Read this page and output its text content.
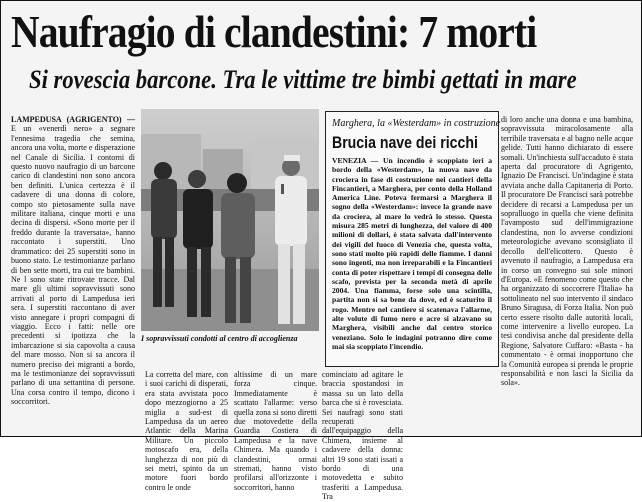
Naufragio di clandestini: 7 morti
Si rovescia barcone. Tra le vittime tre bimbi gettati in mare

LAMPEDUSA (AGRIGENTO) — E un «venerdì nero» a segnare l'ennesima tragedia che semina, ancora una volta, morte e disperazione nel Canale di Sicilia. I contorni di questo nuovo naufragio di un barcone carico di clandestini non sono ancora ben definiti. L'unica certezza è il cadavere di una donna di colore, compo sto pietosamente sulla nave militare italiana, cinque morti e una decina di dispersi. «Sono morte per il freddo durante la traversata», hanno raccontato i superstiti. Uno drammatico: dei 25 superstiti sono in buono stato. Le testimonianze parlano di ben sette morti, tra cui tre bambini. Ne l sono state ritrovate tracce. Dal mare gli ultimi sopravvissuti sono arrivati al porto di Lampedusa ieri sera. I superstiti raccontano di aver visto annegare i propri compagni di viaggio. Ecco i fatti: nelle ore precedenti si ipotizza che la imbarcazione si sia capovolta a causa del mare mosso. Non si sa ancora il numero preciso dei migranti a bordo, ma le testimonianze dei sopravvissuti parlano di una settantina di persone. Una corsa contro il tempo, dicono i soccorritori.

I sopravvissuti condotti al centro di accoglienza
Marghera, la «Westerdam» in costruzione
Brucia nave dei ricchi
VENEZIA — Un incendio è scoppiato ieri a bordo della «Westerdam», la nuova nave da crociera in fase di costruzione nei cantieri della Fincantieri, a Marghera, per conto della Holland America Line. Poteva fermarsi a Marghera il sogno della «Westerdam»: invece la grande nave da crociera, al mare lo vedrà lo stesso. Questa misura 285 metri di lunghezza, del valore di 400 milioni di dollari, è stata salvata dall'intervento dei vigili del fuoco di Venezia che, questa volta, sono stati molto più rapidi delle fiamme. I danni sono ingenti, ma non irreparabili e la Fincantieri conta di poter rispettare i tempi di consegna delle scafo, prevista per la seconda metà di aprile 2004. Una fiamma, forse solo una scintilla, partita non si sa bene da dove, ed è scaturito il rogo. Mentre nel cantiere si scatenava l'allarme, alte volute di fumo nero e acre si alzavano su Marghera, visibili anche dal centro storico veneziano. Solo le indagini potranno dire come mai sia scoppiato l'incendio.

La corretta del mare, con i suoi carichi di disperati, era stata avvistata poco dopo mezzogiorno a 25 miglia a sud-est di Lampedusa da un aereo Atlantic della Marina Militare. Un piccolo motoscafo era, della lunghezza di non più di sei metri, spinto da un motore fuori bordo contro le onde

altissime di un mare forza cinque. Immediatamente è scattato l'allarme: verso quella zona si sono diretti due motovedette della Guardia Costiera di Lampedusa e la nave Chimera. Ma quando i clandestini, ormai stremati, hanno visto profilarsi all'orizzonte i soccorritori, hanno

cominciato ad agitare le braccia spostandosi in massa su un lato della barca che si è rovesciata. Sei naufragi sono stati recuperati dall'equipaggio della Chimera, insieme al cadavere della donna: altri 19 sono stati issati a bordo di una motovedetta e subito trasferiti a Lampedusa. Tra

di loro anche una donna e una bambina, sopravvissuta miracolosamente alla terribile traversata e al bagno nelle acque gelide. Tutti hanno dichiarato di essere somali. Un'inchiesta sull'accaduto è stata aperta dal procuratore di Agrigento, Ignazio De Francisci. Un'indagine è stata avviata anche dalla Capitaneria di Porto. Il procuratore De Francisci sarà potrebbe decidere di recarsi a Lampedusa per un sopralluogo in quella che viene definita l'avamposto sud dell'immigrazione clandestina, non lo avverse condizioni meteorologiche avevano sconsigliato il decollo dell'elicottero. Questo è avvenuto il naufragio, a Lampedusa era in corso un convegno sui sole minori d'Europa. «E fenomeno come questo che ha organizzato di soccorrere l'Italia» ha sottolineato nel suo intervento il sindaco Bruno Siragusa, di Forza Italia. Non può certo essere risolto dalle autorità locali, come intervenire a livello europeo. La tesi condivisa anche dal presidente della Regione, Salvatore Cuffaro: «Basta - ha commentato - è ormai inopportuno che la Comunità europea si prenda le proprie responsabilità e non lasci la Sicilia da sola».
